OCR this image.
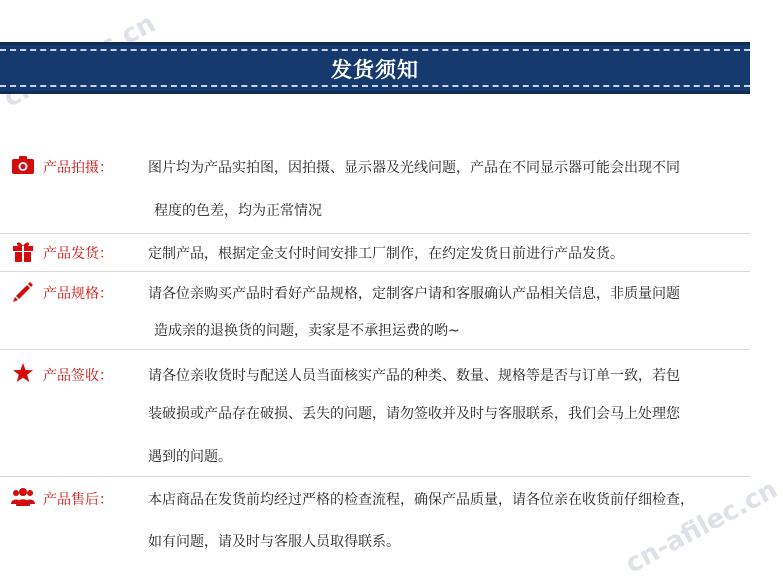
发货须知
产品拍摄：	图片均为产品实拍图，因拍摄、显示器及光线问题，产品在不同显示器可能会出现不同
程度的色差，均为正常情况
产品发货：	定制产品，根据定金支付时间安排工厂制作，在约定发货日前进行产品发货。
产品规格：	请各位亲购买产品时看好产品规格，定制客户请和客服确认产品相关信息，非质量问题
造成亲的退换货的问题，卖家是不承担运费的哟~
产品签收：	请各位亲收货时与配送人员当面核实产品的种类、数量、规格等是否与订单一致，若包
装破损或产品存在破损、丢失的问题，请勿签收并及时与客服联系，我们会马上处理您
遇到的问题。
产品售后：	本店商品在发货前均经过严格的检查流程，确保产品质量，请各位亲在收货前仔细检查，
如有问题，请及时与客服人员取得联系。	cn-afilec.cn
